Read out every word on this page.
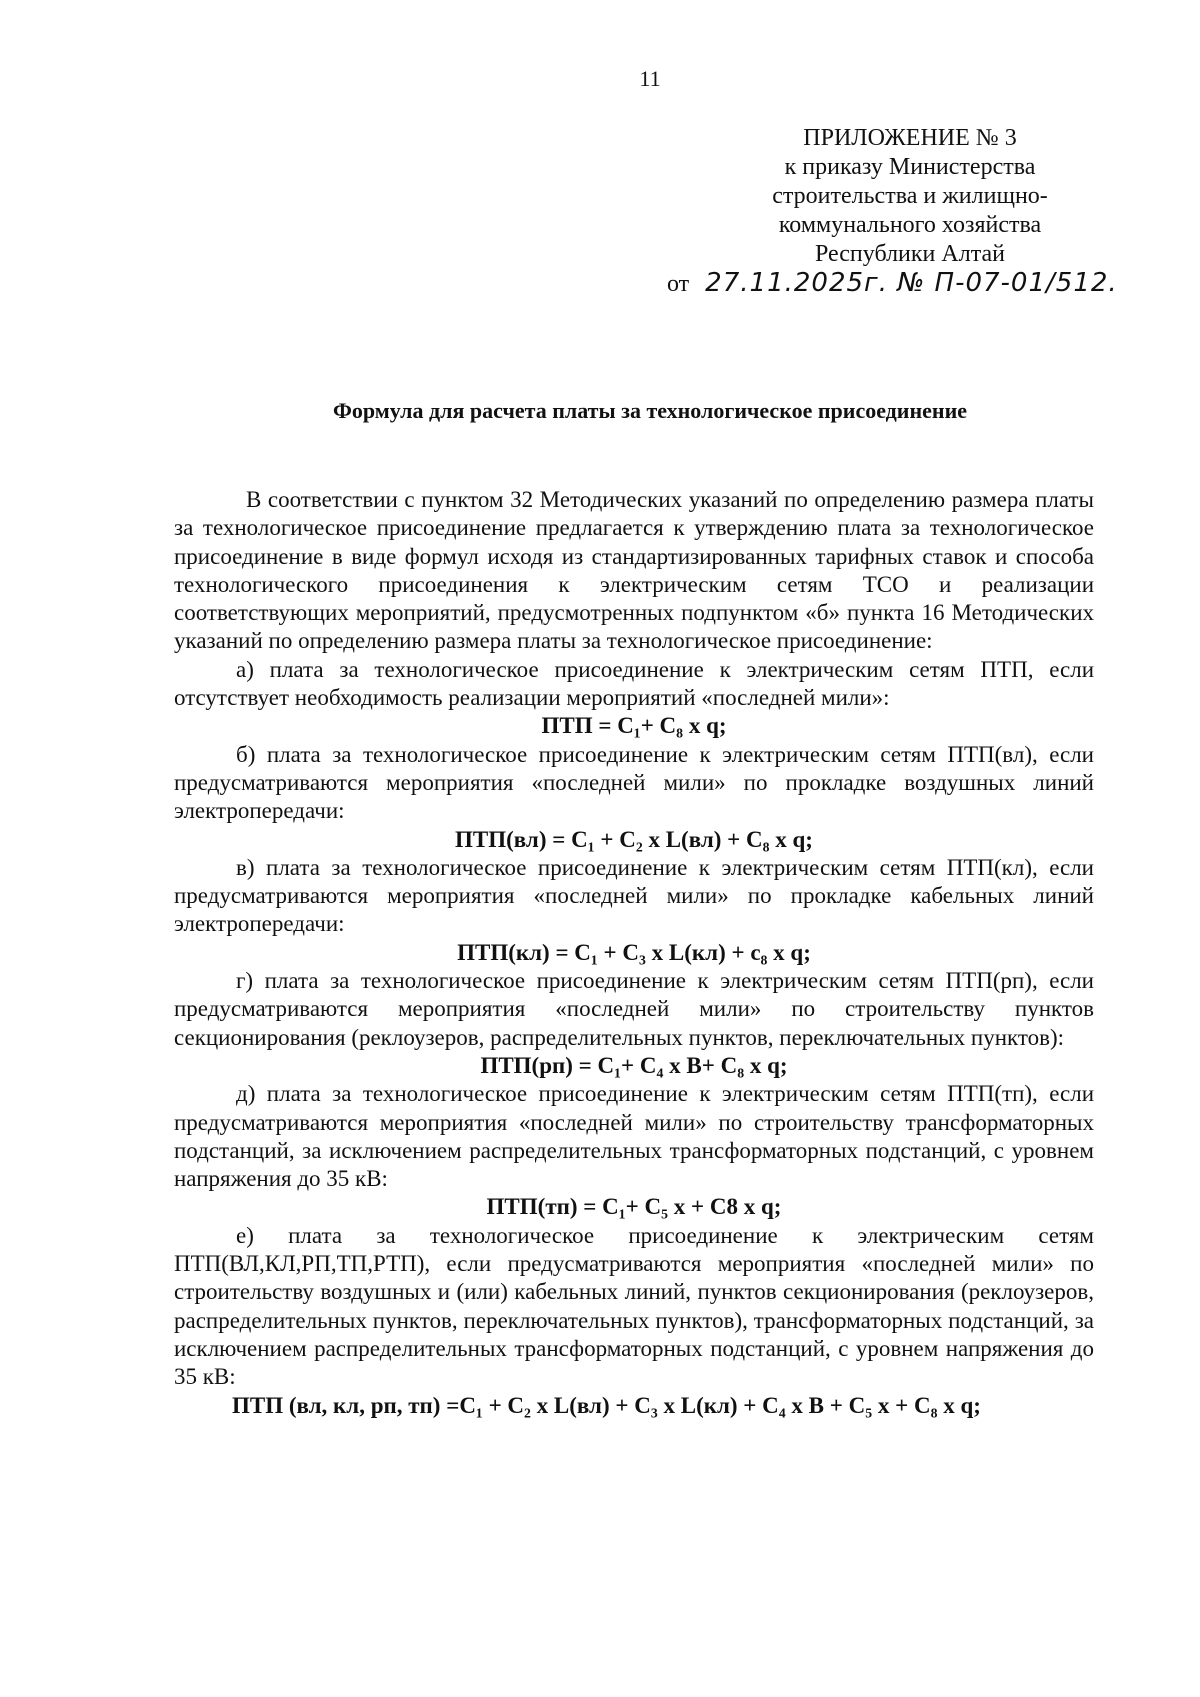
11
ПРИЛОЖЕНИЕ № 3
к приказу Министерства
строительства и жилищно-
коммунального хозяйства
Республики Алтай
от 27.11.2025г. № П-07-01/512.
Формула для расчета платы за технологическое присоединение

В соответствии с пунктом 32 Методических указаний по определению размера платы за технологическое присоединение предлагается к утверждению плата за технологическое присоединение в виде формул исходя из стандартизированных тарифных ставок и способа технологического присоединения к электрическим сетям ТСО и реализации соответствующих мероприятий, предусмотренных подпунктом «б» пункта 16 Методических указаний по определению размера платы за технологическое присоединение:

а) плата за технологическое присоединение к электрическим сетям ПТП, если отсутствует необходимость реализации мероприятий «последней мили»:

ПТП = С₁+ С₈ х q;

б) плата за технологическое присоединение к электрическим сетям ПТП(вл), если предусматриваются мероприятия «последней мили» по прокладке воздушных линий электропередачи:

ПТП(вл) = С₁ + С₂ х L(вл) + С₈ х q;

в) плата за технологическое присоединение к электрическим сетям ПТП(кл), если предусматриваются мероприятия «последней мили» по прокладке кабельных линий электропередачи:

ПТП(кл) = С₁ + С₃ х L(кл) + с₈ х q;

г) плата за технологическое присоединение к электрическим сетям ПТП(рп), если предусматриваются мероприятия «последней мили» по строительству пунктов секционирования (реклоузеров, распределительных пунктов, переключательных пунктов):

ПТП(рп) = С₁+ С₄ х В+ С₈ х q;

д) плата за технологическое присоединение к электрическим сетям ПТП(тп), если предусматриваются мероприятия «последней мили» по строительству трансформаторных подстанций, за исключением распределительных трансформаторных подстанций, с уровнем напряжения до 35 кВ:

ПТП(тп) = С₁+ С₅ х + С8 х q;

е) плата за технологическое присоединение к электрическим сетям ПТП(ВЛ,КЛ,РП,ТП,РТП), если предусматриваются мероприятия «последней мили» по строительству воздушных и (или) кабельных линий, пунктов секционирования (реклоузеров, распределительных пунктов, переключательных пунктов), трансформаторных подстанций, за исключением распределительных трансформаторных подстанций, с уровнем напряжения до 35 кВ:

ПТП (вл, кл, рп, тп) =С₁ + С₂ х L(вл) + С₃ х L(кл) + С₄ х В + С₅ х + С₈ х q;
